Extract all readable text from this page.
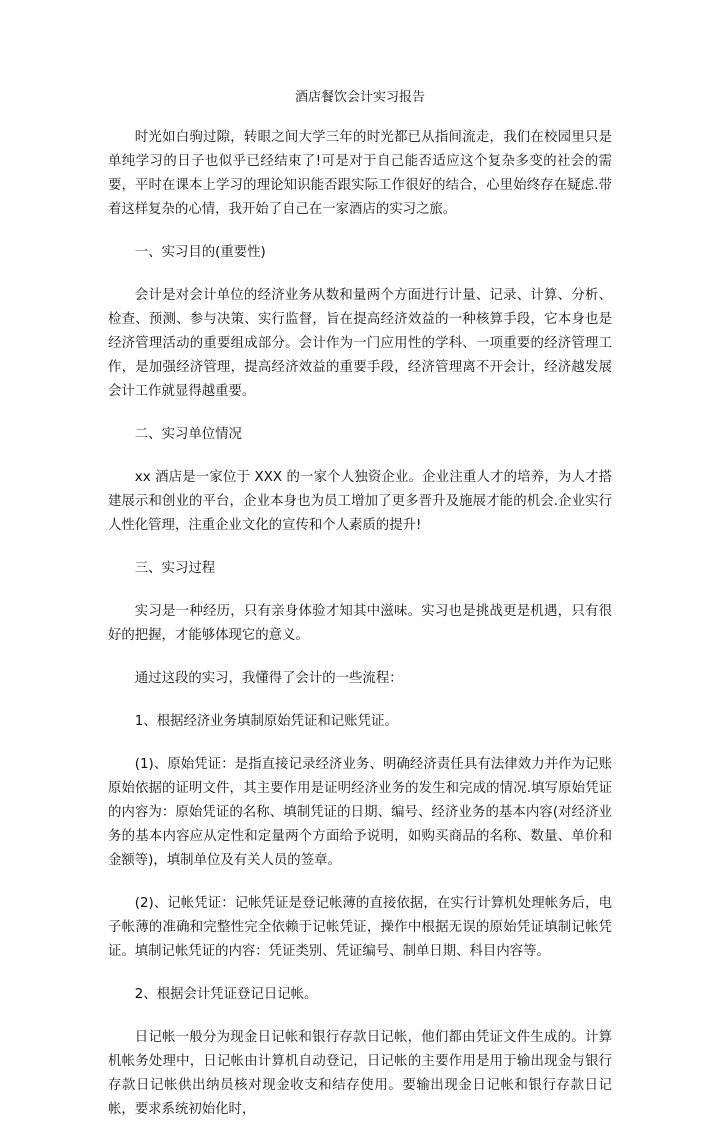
酒店餐饮会计实习报告
时光如白驹过隙，转眼之间大学三年的时光都已从指间流走，我们在校园里只是单纯学习的日子也似乎已经结束了!可是对于自己能否适应这个复杂多变的社会的需要，平时在课本上学习的理论知识能否跟实际工作很好的结合，心里始终存在疑虑.带着这样复杂的心情，我开始了自己在一家酒店的实习之旅。
一、实习目的(重要性)
会计是对会计单位的经济业务从数和量两个方面进行计量、记录、计算、分析、检查、预测、参与决策、实行监督，旨在提高经济效益的一种核算手段，它本身也是经济管理活动的重要组成部分。会计作为一门应用性的学科、一项重要的经济管理工作，是加强经济管理，提高经济效益的重要手段，经济管理离不开会计，经济越发展会计工作就显得越重要。
二、实习单位情况
xx 酒店是一家位于 XXX 的一家个人独资企业。企业注重人才的培养，为人才搭建展示和创业的平台，企业本身也为员工增加了更多晋升及施展才能的机会.企业实行人性化管理，注重企业文化的宣传和个人素质的提升!
三、实习过程
实习是一种经历，只有亲身体验才知其中滋味。实习也是挑战更是机遇，只有很好的把握，才能够体现它的意义。
通过这段的实习，我懂得了会计的一些流程：
1、根据经济业务填制原始凭证和记账凭证。
(1)、原始凭证：是指直接记录经济业务、明确经济责任具有法律效力并作为记账原始依据的证明文件，其主要作用是证明经济业务的发生和完成的情况.填写原始凭证的内容为：原始凭证的名称、填制凭证的日期、编号、经济业务的基本内容(对经济业务的基本内容应从定性和定量两个方面给予说明，如购买商品的名称、数量、单价和金额等)，填制单位及有关人员的签章。
(2)、记帐凭证：记帐凭证是登记帐薄的直接依据，在实行计算机处理帐务后，电子帐薄的准确和完整性完全依赖于记帐凭证，操作中根据无误的原始凭证填制记帐凭证。填制记帐凭证的内容：凭证类别、凭证编号、制单日期、科目内容等。
2、根据会计凭证登记日记帐。
日记帐一般分为现金日记帐和银行存款日记帐，他们都由凭证文件生成的。计算机帐务处理中，日记帐由计算机自动登记，日记帐的主要作用是用于输出现金与银行存款日记帐供出纳员核对现金收支和结存使用。要输出现金日记帐和银行存款日记帐，要求系统初始化时，
